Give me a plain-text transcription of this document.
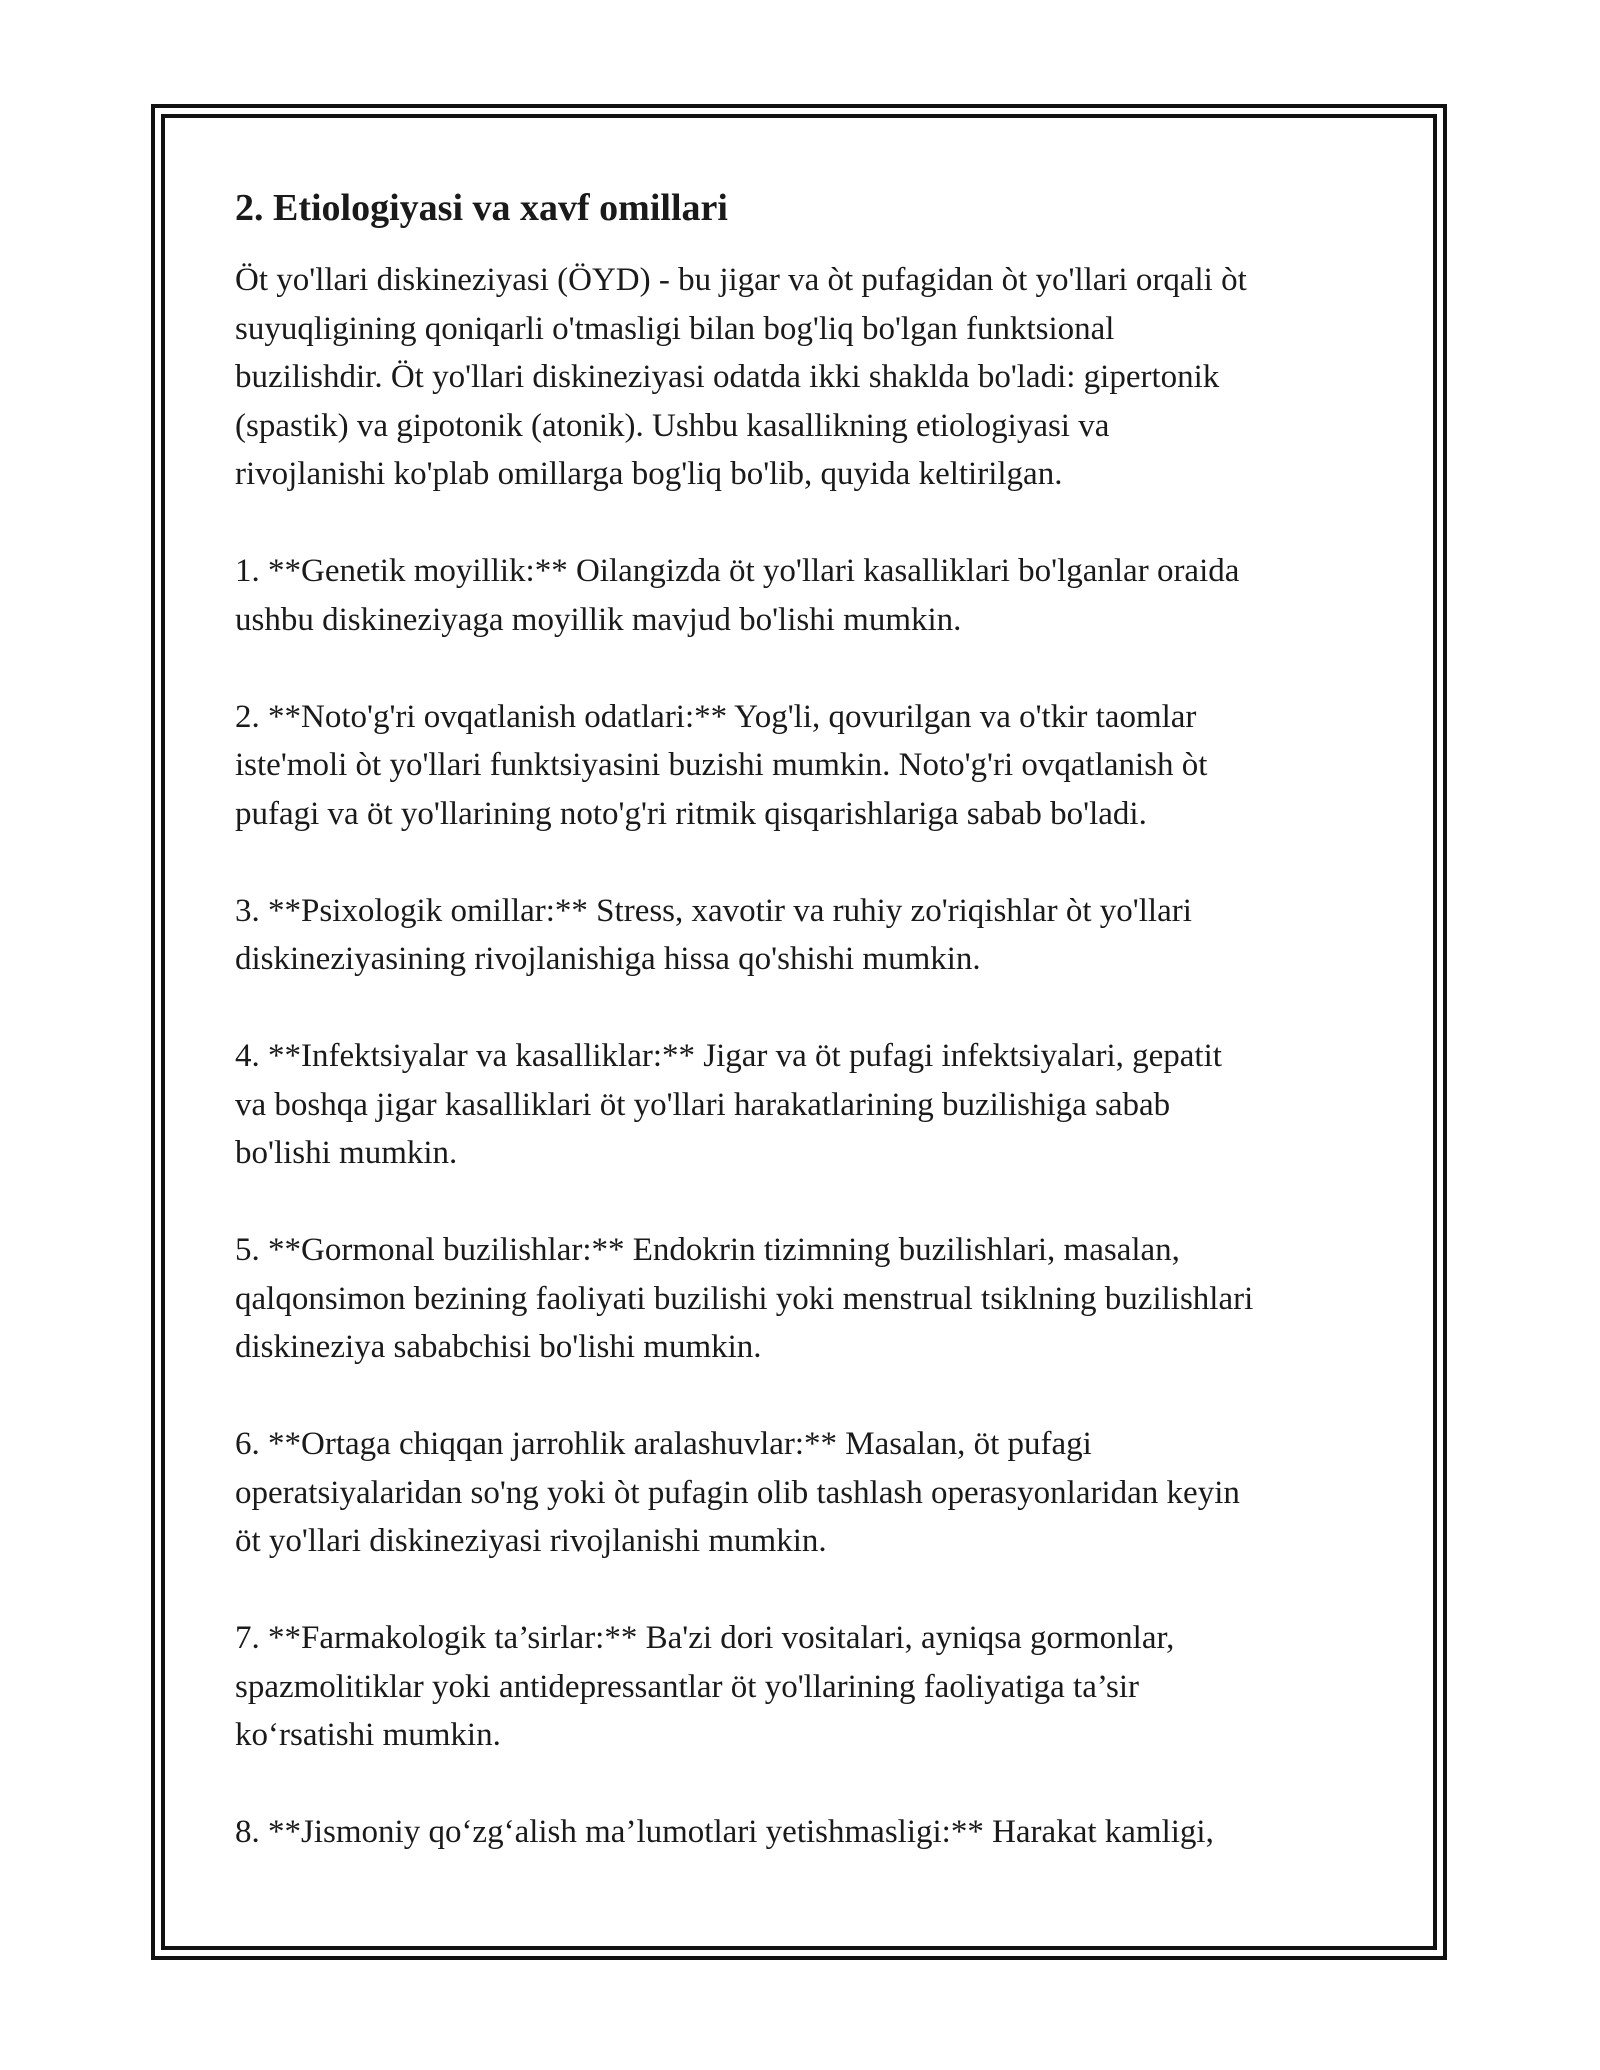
2. Etiologiyasi va xavf omillari
Öt yo'llari diskineziyasi (ÖYD) - bu jigar va òt pufagidan òt yo'llari orqali òt
suyuqligining qoniqarli o'tmasligi bilan bog'liq bo'lgan funktsional
buzilishdir. Öt yo'llari diskineziyasi odatda ikki shaklda bo'ladi: gipertonik
(spastik) va gipotonik (atonik). Ushbu kasallikning etiologiyasi va
rivojlanishi ko'plab omillarga bog'liq bo'lib, quyida keltirilgan.
1. **Genetik moyillik:** Oilangizda öt yo'llari kasalliklari bo'lganlar oraida
ushbu diskineziyaga moyillik mavjud bo'lishi mumkin.
2. **Noto'g'ri ovqatlanish odatlari:** Yog'li, qovurilgan va o'tkir taomlar
iste'moli òt yo'llari funktsiyasini buzishi mumkin. Noto'g'ri ovqatlanish òt
pufagi va öt yo'llarining noto'g'ri ritmik qisqarishlariga sabab bo'ladi.
3. **Psixologik omillar:** Stress, xavotir va ruhiy zo'riqishlar òt yo'llari
diskineziyasining rivojlanishiga hissa qo'shishi mumkin.
4. **Infektsiyalar va kasalliklar:** Jigar va öt pufagi infektsiyalari, gepatit
va boshqa jigar kasalliklari öt yo'llari harakatlarining buzilishiga sabab
bo'lishi mumkin.
5. **Gormonal buzilishlar:** Endokrin tizimning buzilishlari, masalan,
qalqonsimon bezining faoliyati buzilishi yoki menstrual tsiklning buzilishlari
diskineziya sababchisi bo'lishi mumkin.
6. **Ortaga chiqqan jarrohlik aralashuvlar:** Masalan, öt pufagi
operatsiyalaridan so'ng yoki òt pufagin olib tashlash operasyonlaridan keyin
öt yo'llari diskineziyasi rivojlanishi mumkin.
7. **Farmakologik ta’sirlar:** Ba'zi dori vositalari, ayniqsa gormonlar,
spazmolitiklar yoki antidepressantlar öt yo'llarining faoliyatiga ta’sir
ko‘rsatishi mumkin.
8. **Jismoniy qo‘zg‘alish ma’lumotlari yetishmasligi:** Harakat kamligi,
